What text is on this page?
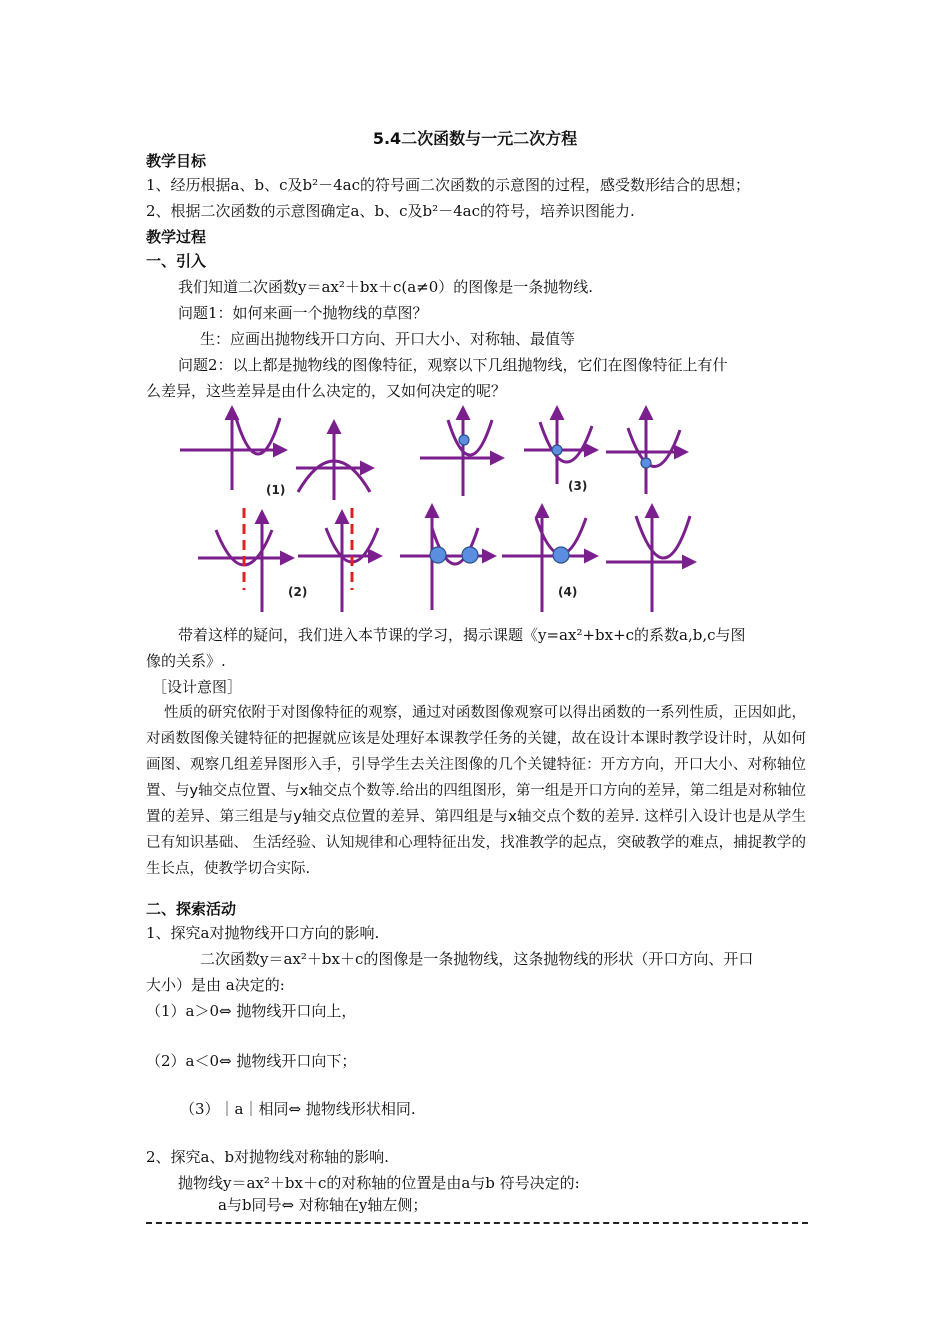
5.4二次函数与一元二次方程
教学目标
1、经历根据a、b、c及b²－4ac的符号画二次函数的示意图的过程，感受数形结合的思想；
2、根据二次函数的示意图确定a、b、c及b²－4ac的符号，培养识图能力.
教学过程
一、引入
我们知道二次函数y＝ax²＋bx＋c(a≠0）的图像是一条抛物线.
问题1：如何来画一个抛物线的草图？
生：应画出抛物线开口方向、开口大小、对称轴、最值等
问题2：以上都是抛物线的图像特征，观察以下几组抛物线，它们在图像特征上有什
么差异，这些差异是由什么决定的，又如何决定的呢？
(1)	(3)
(2)	(4)
带着这样的疑问，我们进入本节课的学习，揭示课题《y=ax²+bx+c的系数a,b,c与图
像的关系》.
［设计意图］
性质的研究依附于对图像特征的观察，通过对函数图像观察可以得出函数的一系列性质，正因如此，对函数图像关键特征的把握就应该是处理好本课教学任务的关键，故在设计本课时教学设计时，从如何画图、观察几组差异图形入手，引导学生去关注图像的几个关键特征：开方方向，开口大小、对称轴位置、与y轴交点位置、与x轴交点个数等.给出的四组图形，第一组是开口方向的差异，第二组是对称轴位置的差异、第三组是与y轴交点位置的差异、第四组是与x轴交点个数的差异. 这样引入设计也是从学生已有知识基础、 生活经验、认知规律和心理特征出发，找准教学的起点，突破教学的难点，捕捉教学的生长点，使教学切合实际.
二、探索活动
1、探究a对抛物线开口方向的影响.
二次函数y＝ax²＋bx＋c的图像是一条抛物线，这条抛物线的形状（开口方向、开口
大小）是由 a决定的:
（1）a＞0⇔ 抛物线开口向上，
（2）a＜0⇔ 抛物线开口向下；
（3）｜a｜相同⇔ 抛物线形状相同.
2、探究a、b对抛物线对称轴的影响.
抛物线y＝ax²＋bx＋c的对称轴的位置是由a与b 符号决定的:
a与b同号⇔ 对称轴在y轴左侧；
